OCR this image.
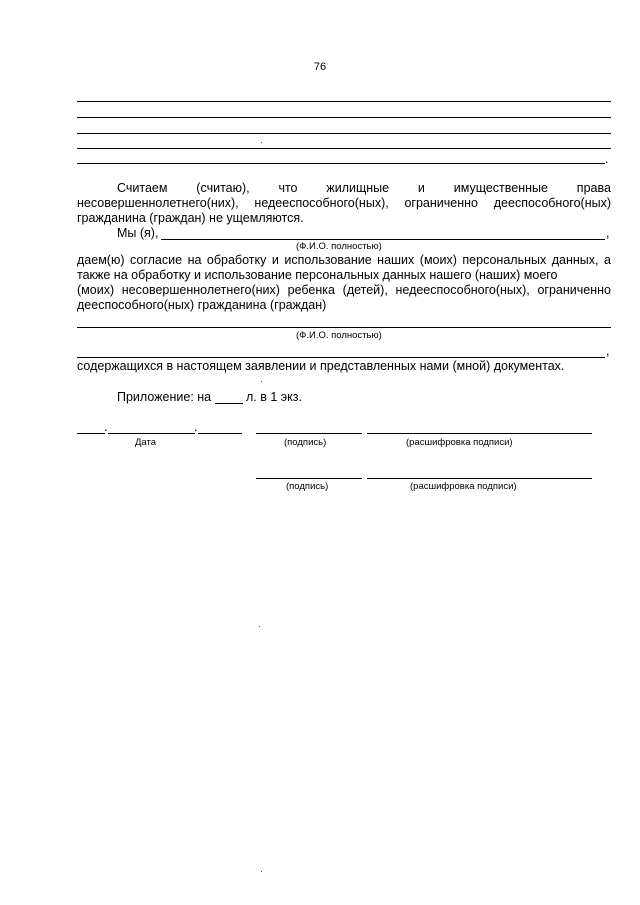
76
.
Считаем (считаю), что жилищные и имущественные права
несовершеннолетнего(них), недееспособного(ных), ограниченно дееспособного(ных)
гражданина (граждан) не ущемляются.
Мы (я),	,
(Ф.И.О. полностью)
даем(ю) согласие на обработку и использование наших (моих) персональных данных, а
также на обработку и использование персональных данных нашего (наших) моего
(моих) несовершеннолетнего(них) ребенка (детей), недееспособного(ных), ограниченно
дееспособного(ных) гражданина (граждан)
(Ф.И.О. полностью)
,
содержащихся в настоящем заявлении и представленных нами (мной) документах.
Приложение: на	л. в 1 экз.
.	.
Дата	(подпись)	(расшифровка подписи)
(подпись)	(расшифровка подписи)
